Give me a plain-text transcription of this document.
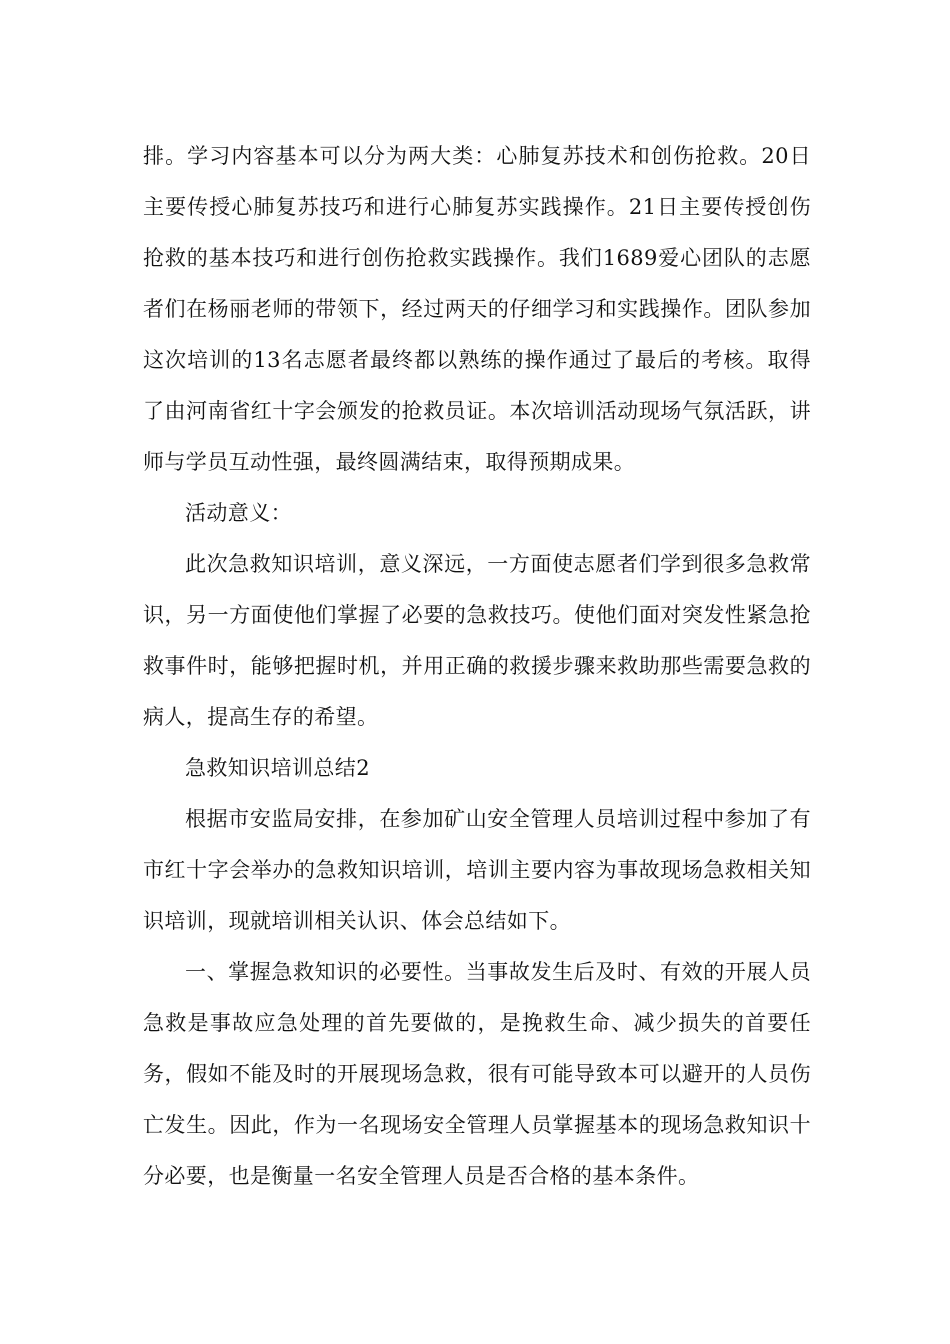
排。学习内容基本可以分为两大类：心肺复苏技术和创伤抢救。20日主要传授心肺复苏技巧和进行心肺复苏实践操作。21日主要传授创伤抢救的基本技巧和进行创伤抢救实践操作。我们1689爱心团队的志愿者们在杨丽老师的带领下，经过两天的仔细学习和实践操作。团队参加这次培训的13名志愿者最终都以熟练的操作通过了最后的考核。取得了由河南省红十字会颁发的抢救员证。本次培训活动现场气氛活跃，讲师与学员互动性强，最终圆满结束，取得预期成果。

活动意义：

此次急救知识培训，意义深远，一方面使志愿者们学到很多急救常识，另一方面使他们掌握了必要的急救技巧。使他们面对突发性紧急抢救事件时，能够把握时机，并用正确的救援步骤来救助那些需要急救的病人，提高生存的希望。

急救知识培训总结2

根据市安监局安排，在参加矿山安全管理人员培训过程中参加了有市红十字会举办的急救知识培训，培训主要内容为事故现场急救相关知识培训，现就培训相关认识、体会总结如下。

一、掌握急救知识的必要性。当事故发生后及时、有效的开展人员急救是事故应急处理的首先要做的，是挽救生命、减少损失的首要任务，假如不能及时的开展现场急救，很有可能导致本可以避开的人员伤亡发生。因此，作为一名现场安全管理人员掌握基本的现场急救知识十分必要，也是衡量一名安全管理人员是否合格的基本条件。
